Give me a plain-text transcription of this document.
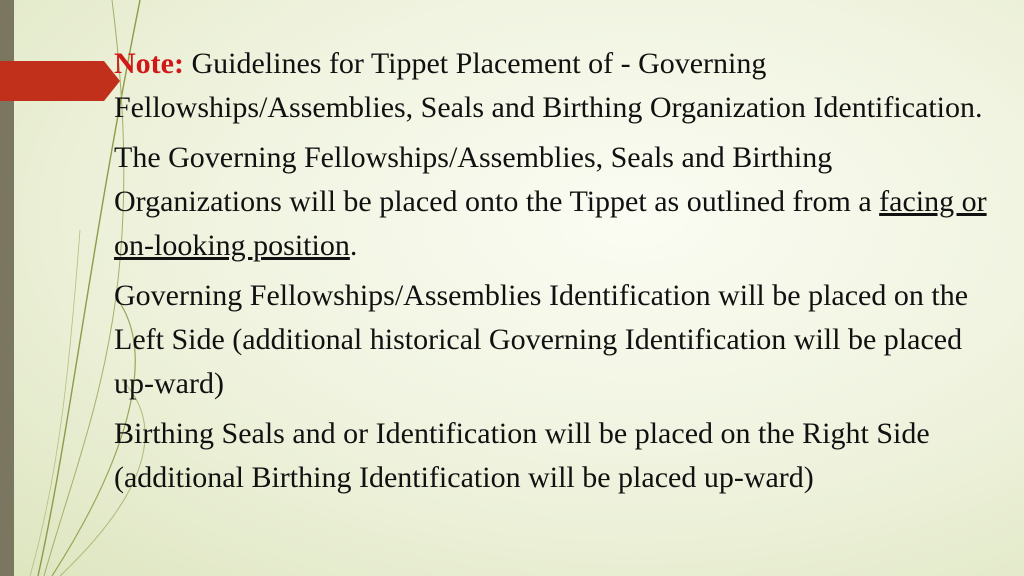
Note: Guidelines for Tippet Placement of - Governing Fellowships/Assemblies, Seals and Birthing Organization Identification.

The Governing Fellowships/Assemblies, Seals and Birthing Organizations will be placed onto the Tippet as outlined from a facing or on-looking position.

Governing Fellowships/Assemblies Identification will be placed on the Left Side (additional historical Governing Identification will be placed up-ward)

Birthing Seals and or Identification will be placed on the Right Side (additional Birthing Identification will be placed up-ward)
